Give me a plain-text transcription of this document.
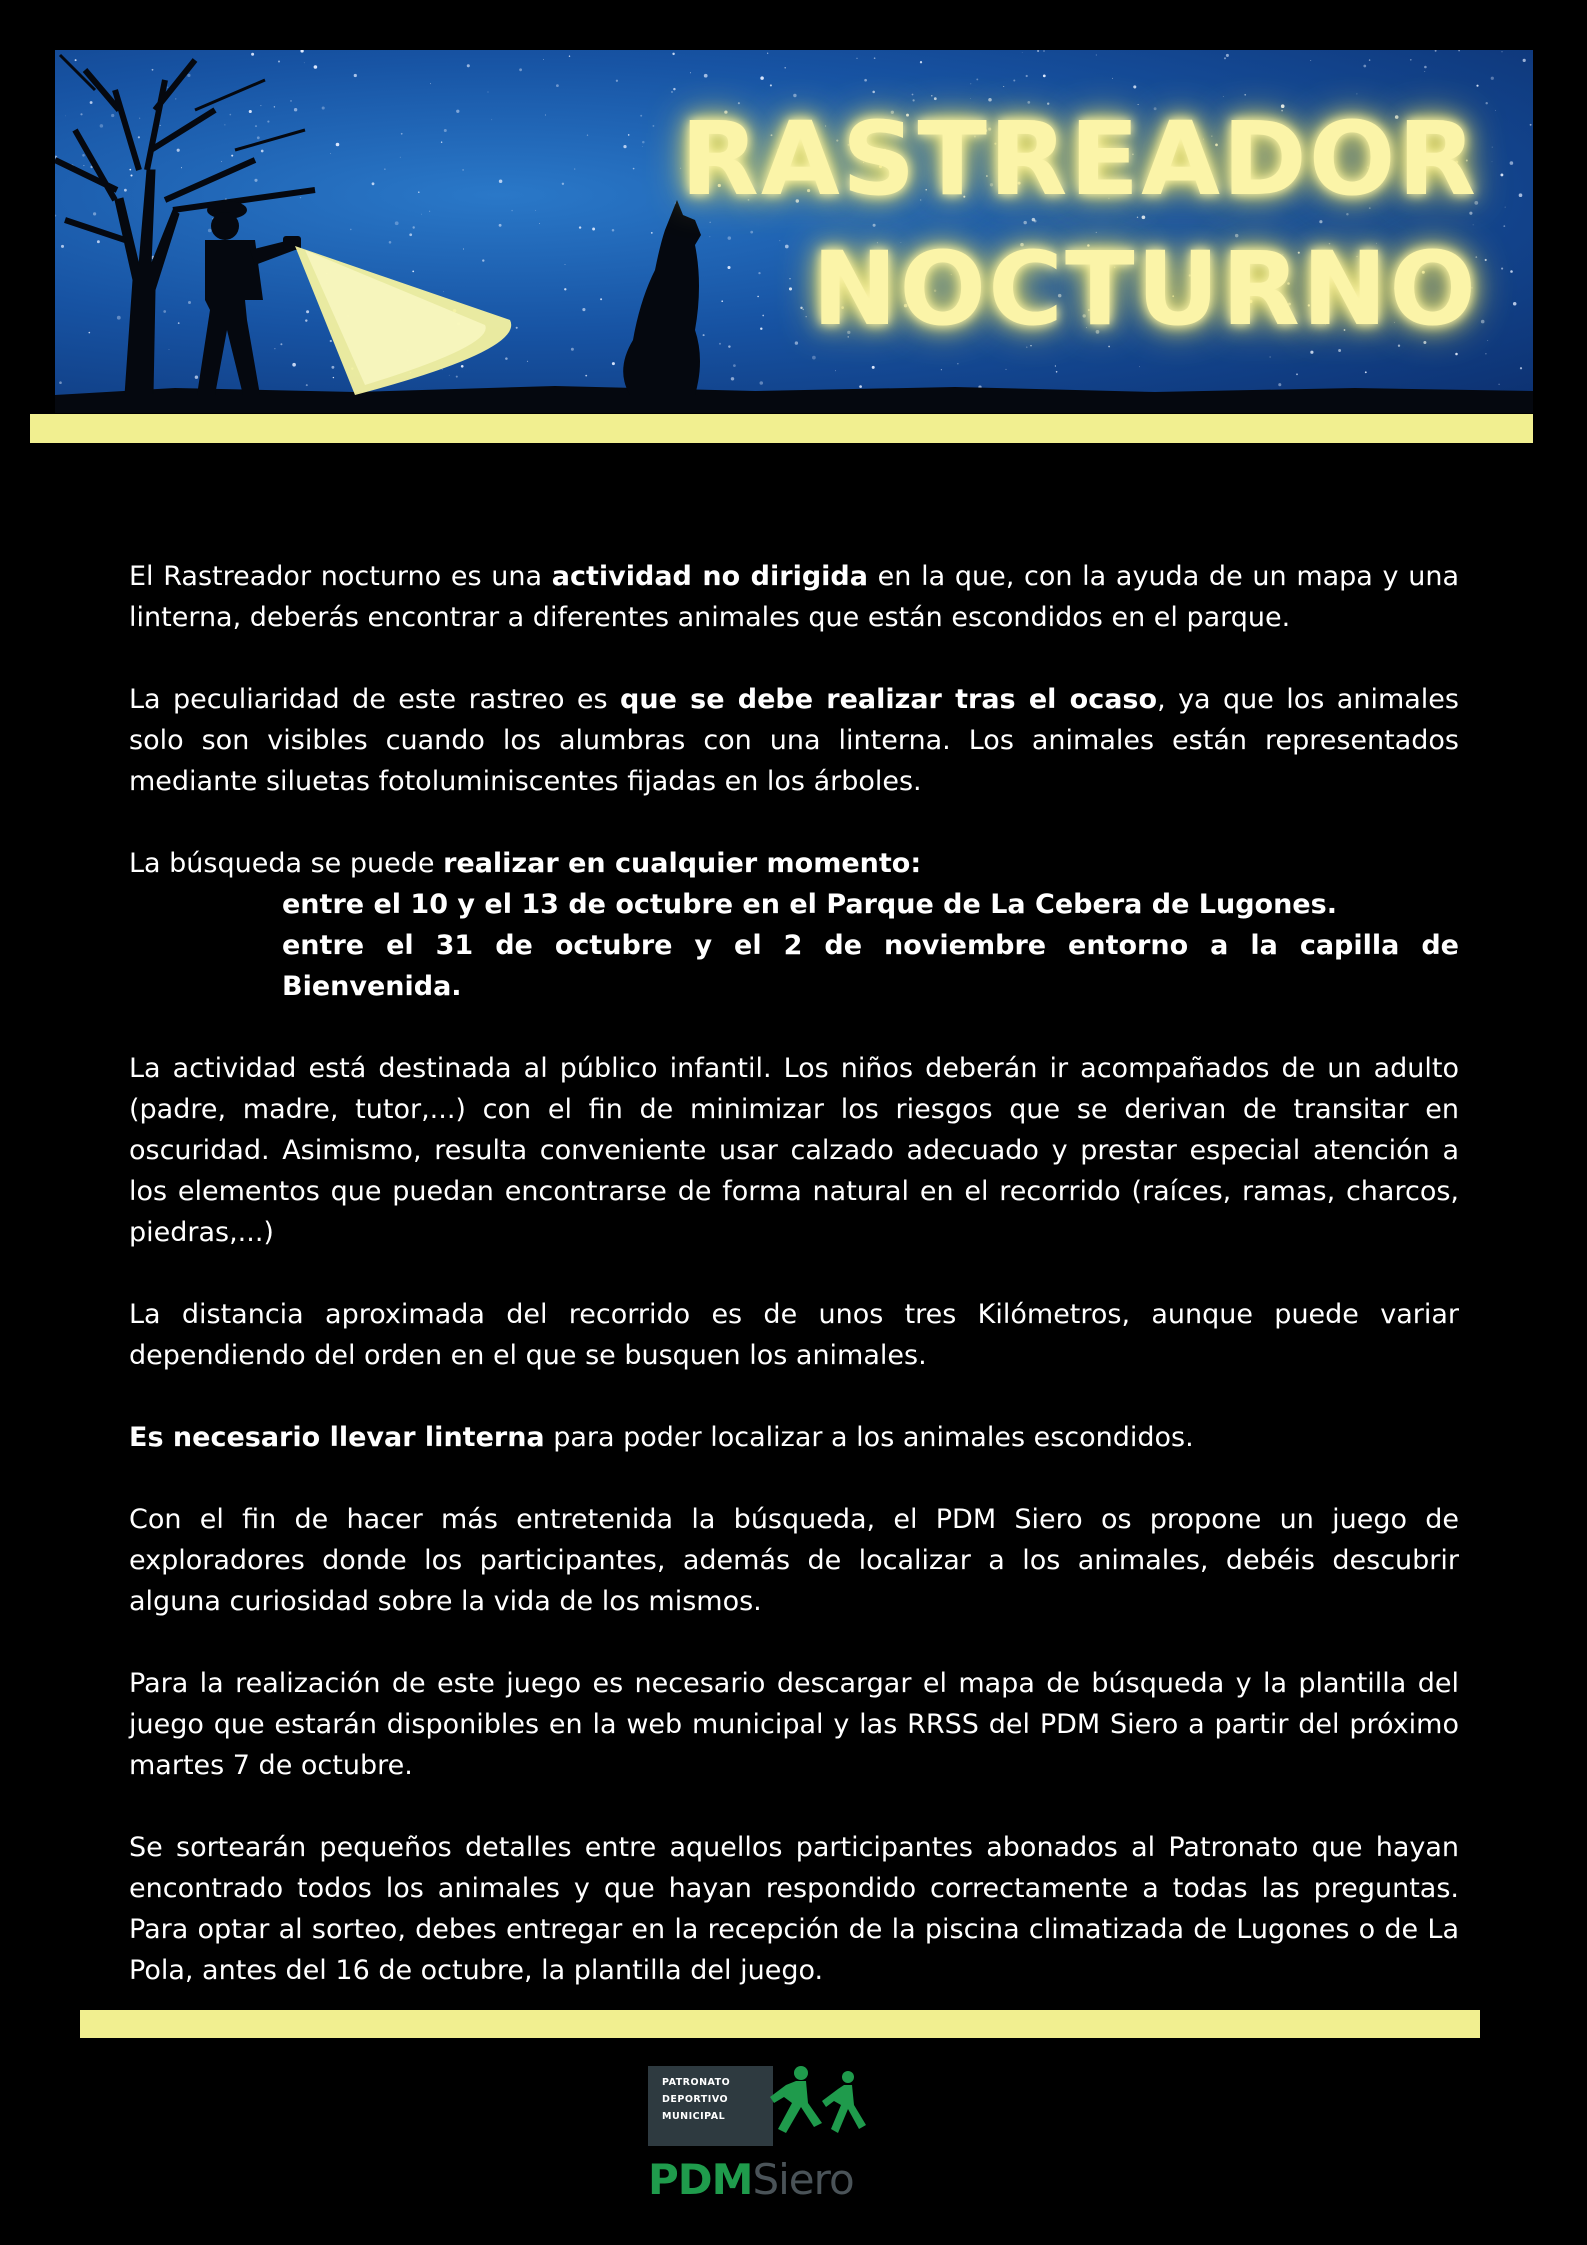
RASTREADOR
NOCTURNO

El Rastreador nocturno es una actividad no dirigida en la que, con la ayuda de un mapa y una linterna, deberás encontrar a diferentes animales que están escondidos en el parque.

La peculiaridad de este rastreo es que se debe realizar tras el ocaso, ya que los animales solo son visibles cuando los alumbras con una linterna. Los animales están representados mediante siluetas fotoluminiscentes fijadas en los árboles.

La búsqueda se puede realizar en cualquier momento:
entre el 10 y el 13 de octubre en el Parque de La Cebera de Lugones.
entre el 31 de octubre y el 2 de noviembre entorno a la capilla de Bienvenida.

La actividad está destinada al público infantil. Los niños deberán ir acompañados de un adulto (padre, madre, tutor,...) con el fin de minimizar los riesgos que se derivan de transitar en oscuridad. Asimismo, resulta conveniente usar calzado adecuado y prestar especial atención a los elementos que puedan encontrarse de forma natural en el recorrido (raíces, ramas, charcos, piedras,...)

La distancia aproximada del recorrido es de unos tres Kilómetros, aunque puede variar dependiendo del orden en el que se busquen los animales.

Es necesario llevar linterna para poder localizar a los animales escondidos.

Con el fin de hacer más entretenida la búsqueda, el PDM Siero os propone un juego de exploradores donde los participantes, además de localizar a los animales, debéis descubrir alguna curiosidad sobre la vida de los mismos.

Para la realización de este juego es necesario descargar el mapa de búsqueda y la plantilla del juego que estarán disponibles en la web municipal y las RRSS del PDM Siero a partir del próximo martes 7 de octubre.

Se sortearán pequeños detalles entre aquellos participantes abonados al Patronato que hayan encontrado todos los animales y que hayan respondido correctamente a todas las preguntas. Para optar al sorteo, debes entregar en la recepción de la piscina climatizada de Lugones o de La Pola, antes del 16 de octubre, la plantilla del juego.

PATRONATO
DEPORTIVO
MUNICIPAL
PDMSiero
